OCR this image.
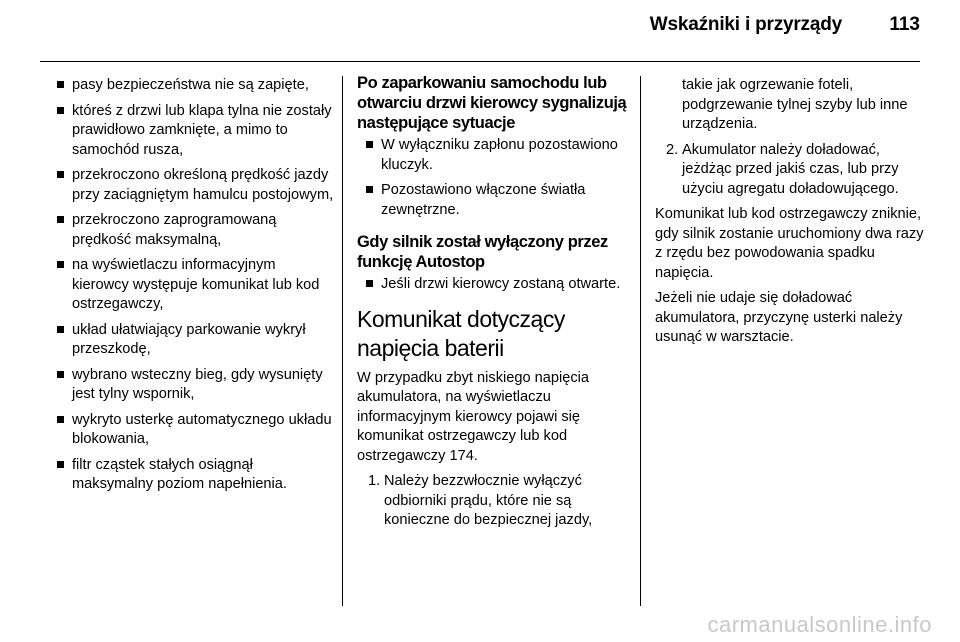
Wskaźniki i przyrządy 113
pasy bezpieczeństwa nie są zapięte,
któreś z drzwi lub klapa tylna nie zostały prawidłowo zamknięte, a mimo to samochód rusza,
przekroczono określoną prędkość jazdy przy zaciągniętym hamulcu postojowym,
przekroczono zaprogramowaną prędkość maksymalną,
na wyświetlaczu informacyjnym kierowcy występuje komunikat lub kod ostrzegawczy,
układ ułatwiający parkowanie wykrył przeszkodę,
wybrano wsteczny bieg, gdy wysunięty jest tylny wspornik,
wykryto usterkę automatycznego układu blokowania,
filtr cząstek stałych osiągnął maksymalny poziom napełnienia.
Po zaparkowaniu samochodu lub otwarciu drzwi kierowcy sygnalizują następujące sytuacje
W wyłączniku zapłonu pozostawiono kluczyk.
Pozostawiono włączone światła zewnętrzne.
Gdy silnik został wyłączony przez funkcję Autostop
Jeśli drzwi kierowcy zostaną otwarte.
Komunikat dotyczący napięcia baterii

W przypadku zbyt niskiego napięcia akumulatora, na wyświetlaczu informacyjnym kierowcy pojawi się komunikat ostrzegawczy lub kod ostrzegawczy 174.

1. Należy bezzwłocznie wyłączyć odbiorniki prądu, które nie są konieczne do bezpiecznej jazdy,
takie jak ogrzewanie foteli, podgrzewanie tylnej szyby lub inne urządzenia.
2. Akumulator należy doładować, jeżdżąc przed jakiś czas, lub przy użyciu agregatu doładowującego.

Komunikat lub kod ostrzegawczy zniknie, gdy silnik zostanie uruchomiony dwa razy z rzędu bez powodowania spadku napięcia.

Jeżeli nie udaje się doładować akumulatora, przyczynę usterki należy usunąć w warsztacie.

carmanualsonline.info
